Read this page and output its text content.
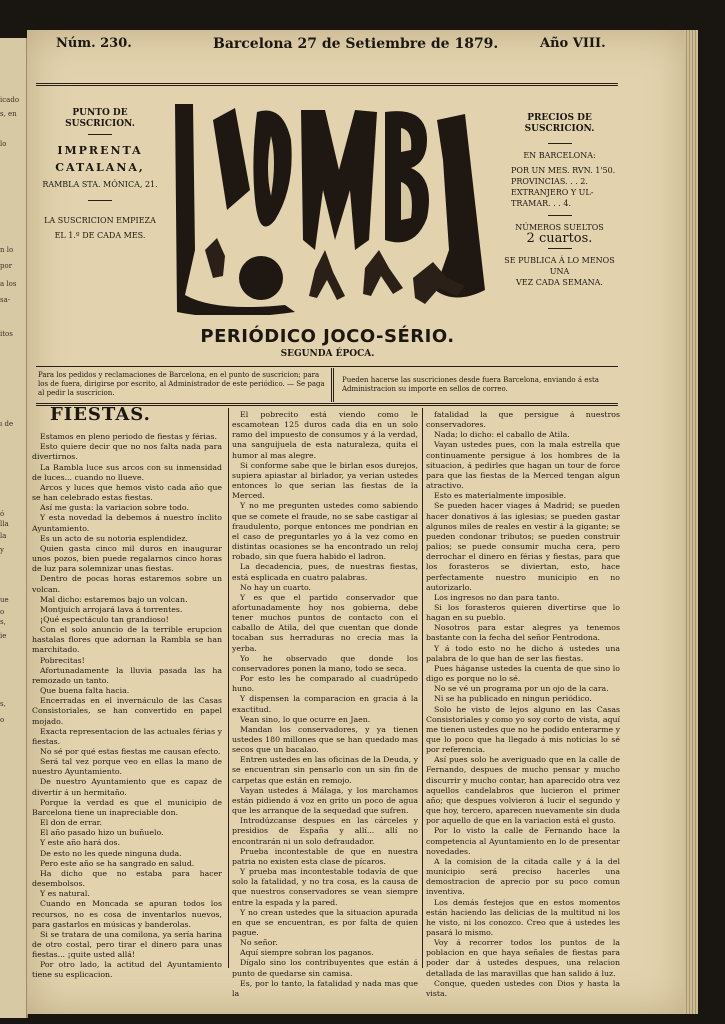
icado
s, en
lo
n lo
por
a los
sa-
itos
ı de
ó
lla
la
y
ue
o
s,
ie
s,
o
Núm. 230.	Barcelona 27 de Setiembre de 1879.	Año VIII.
PUNTO DE SUSCRICION.
IMPRENTA
CATALANA,
RAMBLA STA. MÓNICA, 21.
LA SUSCRICION EMPIEZA
EL 1.º DE CADA MES.
PRECIOS DE SUSCRICION.
EN BARCELONA:
POR UN MES. RVN. 1'50.
PROVINCIAS. . . 2.
EXTRANJERO Y UL-
TRAMAR. . . 4.
NÚMEROS SUELTOS
2 cuartos.
SE PUBLICA Á LO MENOS UNA
VEZ CADA SEMANA.
PERIÓDICO JOCO-SÉRIO.
SEGUNDA ÉPOCA.
Para los pedidos y reclamaciones de Barcelona, en el punto de suscricion; para los de fuera, dirigirse por escrito, al Administrador de este periódico. — Se paga al pedir la suscricion.
Pueden hacerse las suscriciones desde fuera Barcelona, enviando á esta Administracion su importe en sellos de correo.

FIESTAS.

Estamos en pleno periodo de fiestas y férias.

Esto quiere decir que no nos falta nada para divertirnos.

La Rambla luce sus arcos con su inmensidad de luces... cuando no llueve.

Arcos y luces que hemos visto cada año que se han celebrado estas fiestas.

Así me gusta: la variacion sobre todo.

Y esta novedad la debemos á nuestro ínclito Ayuntamiento.

Es un acto de su notoria esplendidez.

Quien gasta cinco mil duros en inaugurar unos pozos, bien puede regalarnos cinco horas de luz para solemnizar unas fiestas.

Dentro de pocas horas estaremos sobre un volcan.

Mal dicho: estaremos bajo un volcan.

Montjuich arrojará lava á torrentes.

¡Qué espectáculo tan grandioso!

Con el solo anuncio de la terrible erupcion hastalas flores que adornan la Rambla se han marchitado.

Pobrecitas!

Afortunadamente la lluvia pasada las ha remozado un tanto.

Que buena falta hacia.

Encerradas en el invernáculo de las Casas Consistoriales, se han convertido en papel mojado.

Exacta representacion de las actuales férias y fiestas.

No sé por qué estas fiestas me causan efecto.

Será tal vez porque veo en ellas la mano de nuestro Ayuntamiento.

De nuestro Ayuntamiento que es capaz de divertir á un hermitaño.

Porque la verdad es que el municipio de Barcelona tiene un inapreciable don.

El don de errar.

El año pasado hizo un buñuelo.

Y este año hará dos.

De esto no les quede ninguna duda.

Pero este año se ha sangrado en salud.

Ha dicho que no estaba para hacer desembolsos.

Y es natural.

Cuando en Moncada se apuran todos los recursos, no es cosa de inventarlos nuevos, para gastarlos en músicas y banderolas.

Si se tratara de una comilona, ya sería harina de otro costal, pero tirar el dinero para unas fiestas... ¡quite usted allá!

Por otro lado, la actitud del Ayuntamiento tiene su esplicacion.

El pobrecito está viendo como le escamotean 125 duros cada dia en un solo ramo del impuesto de consumos y á la verdad, una sanguijuela de esta naturaleza, quita el humor al mas alegre.

Si conforme sabe que le birlan esos durejos, supiera apiastar al birlador, ya verian ustedes entonces lo que serian las fiestas de la Merced.

Y no me pregunten ustedes como sabiendo que se comete el fraude, no se sabe castigar al fraudulento, porque entonces me pondrian en el caso de preguntarles yo á la vez como en distintas ocasiones se ha encontrado un reloj robado, sin que fuera habido el ladron.

La decadencia, pues, de nuestras fiestas, está esplicada en cuatro palabras.

No hay un cuarto.

Y es que el partido conservador que afortunadamente hoy nos gobierna, debe tener muchos puntos de contacto con el caballo de Atila, del que cuentan que donde tocaban sus herraduras no crecia mas la yerba.

Yo he observado que donde los conservadores ponen la mano, todo se seca.

Por esto les he comparado al cuadrúpedo huno.

Y dispensen la comparacion en gracia á la exactitud.

Vean sino, lo que ocurre en Jaen.

Mandan los conservadores, y ya tienen ustedes 180 millones que se han quedado mas secos que un bacalao.

Entren ustedes en las oficinas de la Deuda, y se encuentran sin pensarlo con un sin fin de carpetas que están en remojo.

Vayan ustedes á Málaga, y los marchamos están pidiendo á voz en grito un poco de agua que les arranque de la sequedad que sufren.

Introdúzcanse despues en las cárceles y presidios de España y allí... allí no encontrarán ni un solo defraudador.

Prueba incontestable de que en nuestra patria no existen esta clase de pícaros.

Y prueba mas incontestable todavía de que solo la fatalidad, y no tra cosa, es la causa de que nuestros conservadores se vean siempre entre la espada y la pared.

Y no crean ustedes que la situacion apurada en que se encuentran, es por falta de quien pague.

No señor.

Aquí siempre sobran los paganos.

Dígalo sino los contribuyentes que están á punto de quedarse sin camisa.

Es, por lo tanto, la fatalidad y nada mas que la

fatalidad la que persigue á nuestros conservadores.

Nada; lo dicho: el caballo de Atila.

Vayan ustedes pues, con la mala estrella que continuamente persigue á los hombres de la situacion, á pedirles que hagan un tour de force para que las fiestas de la Merced tengan algun atractivo.

Esto es materialmente imposible.

Se pueden hacer viages á Madrid; se pueden hacer donativos á las iglesias; se pueden gastar algunos miles de reales en vestir á la gigante; se pueden condonar tributos; se pueden construir palios; se puede consumir mucha cera, pero derrochar el dinero en férias y fiestas, para que los forasteros se diviertan, esto, hace perfectamente nuestro municipio en no autorizarlo.

Los ingresos no dan para tanto.

Si los forasteros quieren divertirse que lo hagan en su pueblo.

Nosotros para estar alegres ya tenemos bastante con la fecha del señor Fentrodona.

Y á todo esto no he dicho á ustedes una palabra de lo que han de ser las fiestas.

Pues háganse ustedes la cuenta de que sino lo digo es porque no lo sé.

No se vé un programa por un ojo de la cara.

Ni se ha publicado en ningun periódico.

Solo he visto de lejos alguno en las Casas Consistoriales y como yo soy corto de vista, aquí me tienen ustedes que no he podido enterarme y que lo poco que ha llegado á mis noticias lo sé por referencia.

Así pues solo he averiguado que en la calle de Fernando, despues de mucho pensar y mucho discurrir y mucho contar, han aparecido otra vez aquellos candelabros que lucieron el primer año; que despues volvieron á lucir el segundo y que hoy, tercero, aparecen nuevamente sin duda por aquello de que en la variacion está el gusto.

Por lo visto la calle de Fernando hace la competencia al Ayuntamiento en lo de presentar novedades.

A la comision de la citada calle y á la del municipio será preciso hacerles una demostracion de aprecio por su poco comun inventiva.

Los demás festejos que en estos momentos están haciendo las delicias de la multitud ni los he visto, ni los conozco. Creo que á ustedes les pasará lo mismo.

Voy á recorrer todos los puntos de la poblacion en que haya señales de fiestas para poder dar á ustedes despues, una relacion detallada de las maravillas que han salido á luz.

Conque, queden ustedes con Dios y hasta la vista.
